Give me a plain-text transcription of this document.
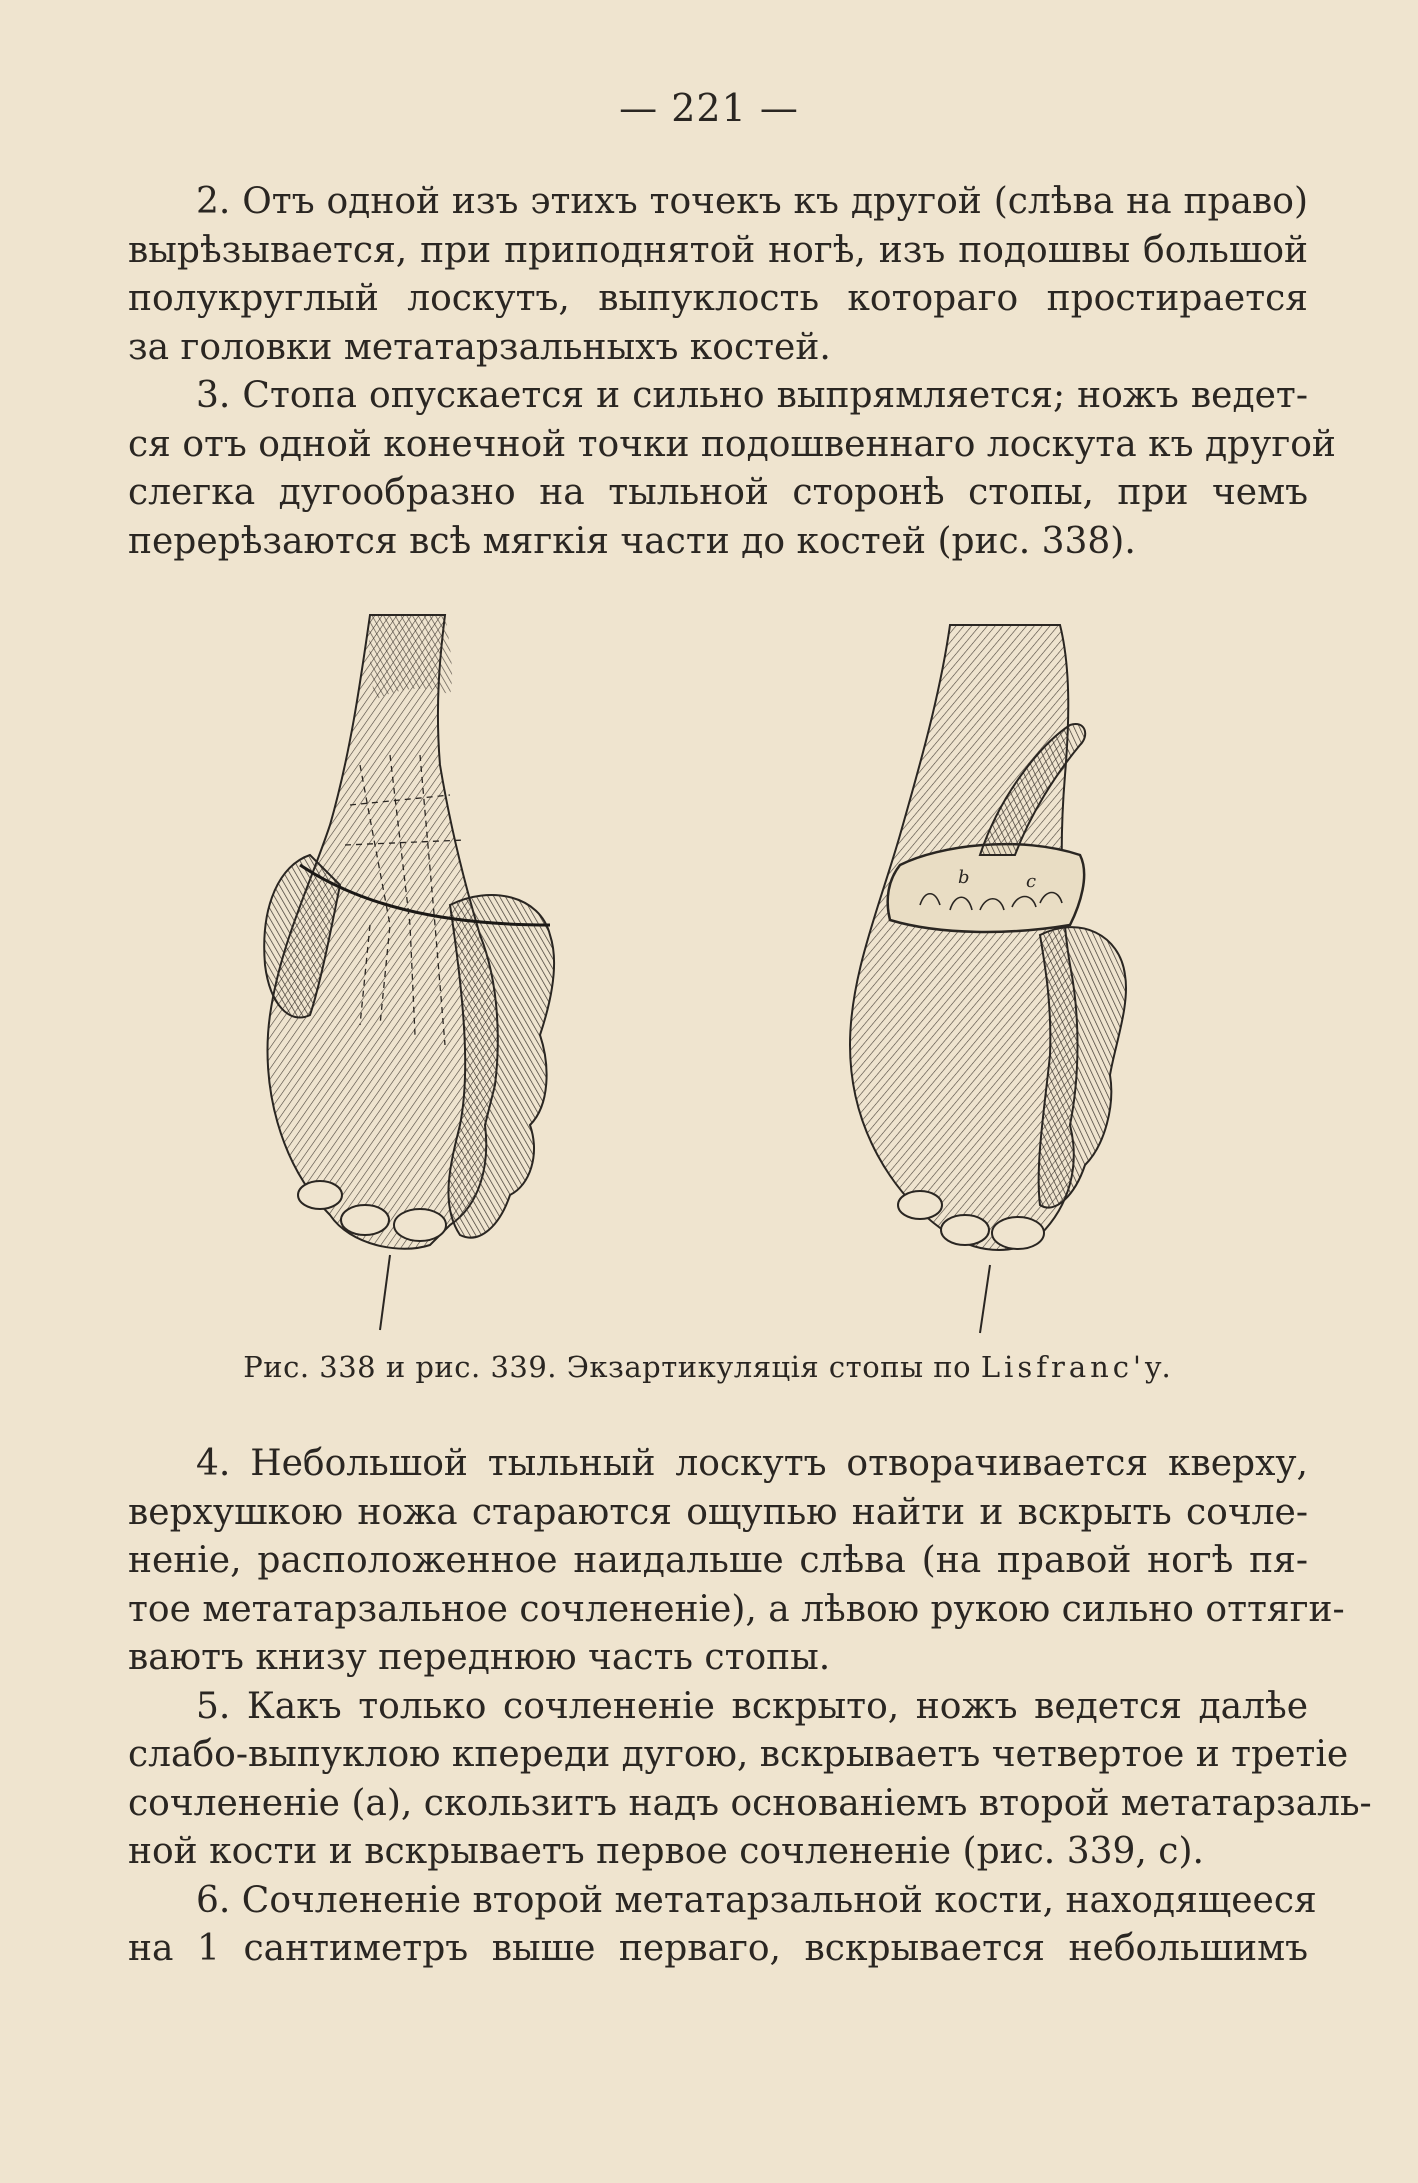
— 221 —
2. Отъ одной изъ этихъ точекъ къ другой (слѣва на право)
вырѣзывается, при приподнятой ногѣ, изъ подошвы большой
полукруглый лоскутъ, выпуклость котораго простирается
за головки метатарзальныхъ костей.
3. Стопа опускается и сильно выпрямляется; ножъ ведет-
ся отъ одной конечной точки подошвеннаго лоскута къ другой
слегка дугообразно на тыльной сторонѣ стопы, при чемъ
перерѣзаются всѣ мягкія части до костей (рис. 338).
b	c
Рис. 338 и рис. 339. Экзартикуляція стопы по Lisfranc'y.
4. Небольшой тыльный лоскутъ отворачивается кверху,
верхушкою ножа стараются ощупью найти и вскрыть сочле-
неніе, расположенное наидальше слѣва (на правой ногѣ пя-
тое метатарзальное сочлененіе), а лѣвою рукою сильно оттяги-
ваютъ книзу переднюю часть стопы.
5. Какъ только сочлененіе вскрыто, ножъ ведется далѣе
слабо-выпуклою кпереди дугою, вскрываетъ четвертое и третіе
сочлененіе (а), скользитъ надъ основаніемъ второй метатарзаль-
ной кости и вскрываетъ первое сочлененіе (рис. 339, с).
6. Сочлененіе второй метатарзальной кости, находящееся
на 1 сантиметръ выше перваго, вскрывается небольшимъ
